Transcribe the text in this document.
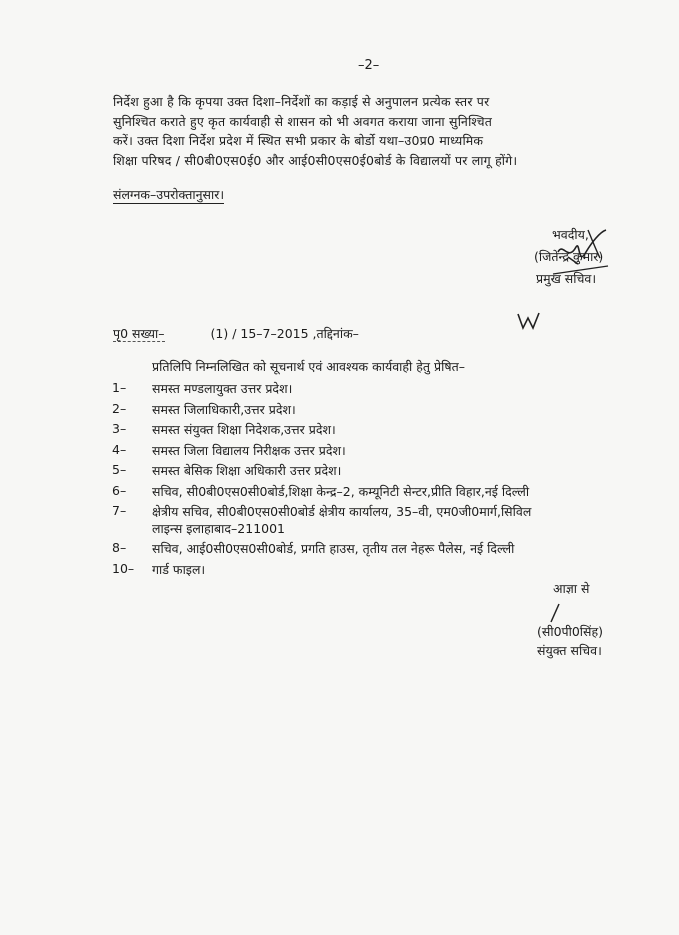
–2–
निर्देश हुआ है कि कृपया उक्त दिशा–निर्देशों का कड़ाई से अनुपालन प्रत्येक स्तर पर
सुनिश्चित कराते हुए कृत कार्यवाही से शासन को भी अवगत कराया जाना सुनिश्चित
करें। उक्त दिशा निर्देश प्रदेश में स्थित सभी प्रकार के बोर्डो यथा–उ0प्र0 माध्यमिक
शिक्षा परिषद / सी0बी0एस0ई0 और आई0सी0एस0ई0बोर्ड के विद्यालयों पर लागू होंगे।
संलग्नक–उपरोक्तानुसार।
भवदीय,
(जितेन्द्र कुमार)
प्रमुख सचिव।
पृ0 सख्या–	(1) / 15–7–2015 ,तद्दिनांक–
प्रतिलिपि निम्नलिखित को सूचनार्थ एवं आवश्यक कार्यवाही हेतु प्रेषित–
1–	समस्त मण्डलायुक्त उत्तर प्रदेश।
2–	समस्त जिलाधिकारी,उत्तर प्रदेश।
3–	समस्त संयुक्त शिक्षा निदेशक,उत्तर प्रदेश।
4–	समस्त जिला विद्यालय निरीक्षक उत्तर प्रदेश।
5–	समस्त बेसिक शिक्षा अधिकारी उत्तर प्रदेश।
6–	सचिव, सी0बी0एस0सी0बोर्ड,शिक्षा केन्द्र–2, कम्यूनिटी सेन्टर,प्रीति विहार,नई दिल्ली
7–	क्षेत्रीय सचिव, सी0बी0एस0सी0बोर्ड क्षेत्रीय कार्यालय, 35–वी, एम0जी0मार्ग,सिविल
लाइन्स इलाहाबाद–211001
8–	सचिव, आई0सी0एस0सी0बोर्ड, प्रगति हाउस, तृतीय तल नेहरू पैलेस, नई दिल्ली
10–	गार्ड फाइल।
आज्ञा से
(सी0पी0सिंह)
संयुक्त सचिव।
